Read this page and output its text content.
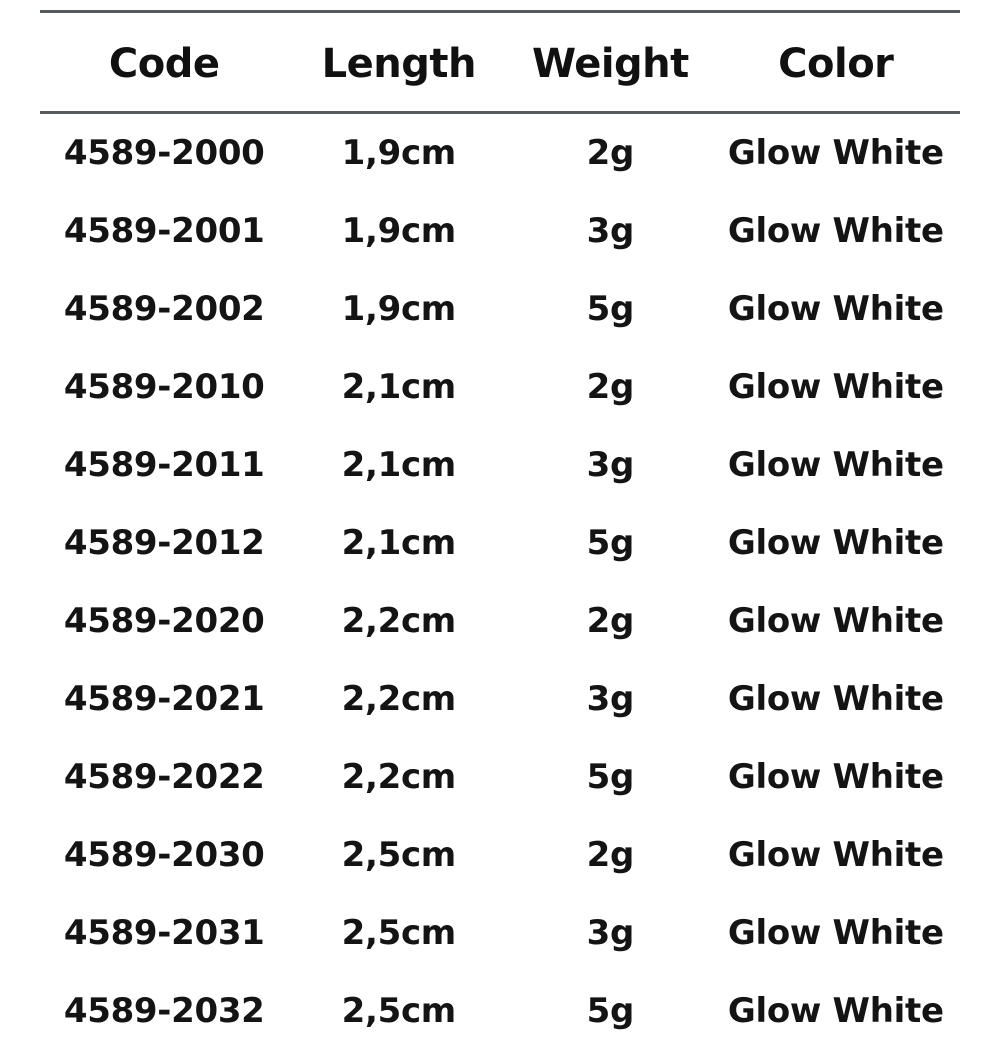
Code	Length	Weight	Color
4589-2000	1,9cm	2g	Glow White
4589-2001	1,9cm	3g	Glow White
4589-2002	1,9cm	5g	Glow White
4589-2010	2,1cm	2g	Glow White
4589-2011	2,1cm	3g	Glow White
4589-2012	2,1cm	5g	Glow White
4589-2020	2,2cm	2g	Glow White
4589-2021	2,2cm	3g	Glow White
4589-2022	2,2cm	5g	Glow White
4589-2030	2,5cm	2g	Glow White
4589-2031	2,5cm	3g	Glow White
4589-2032	2,5cm	5g	Glow White
